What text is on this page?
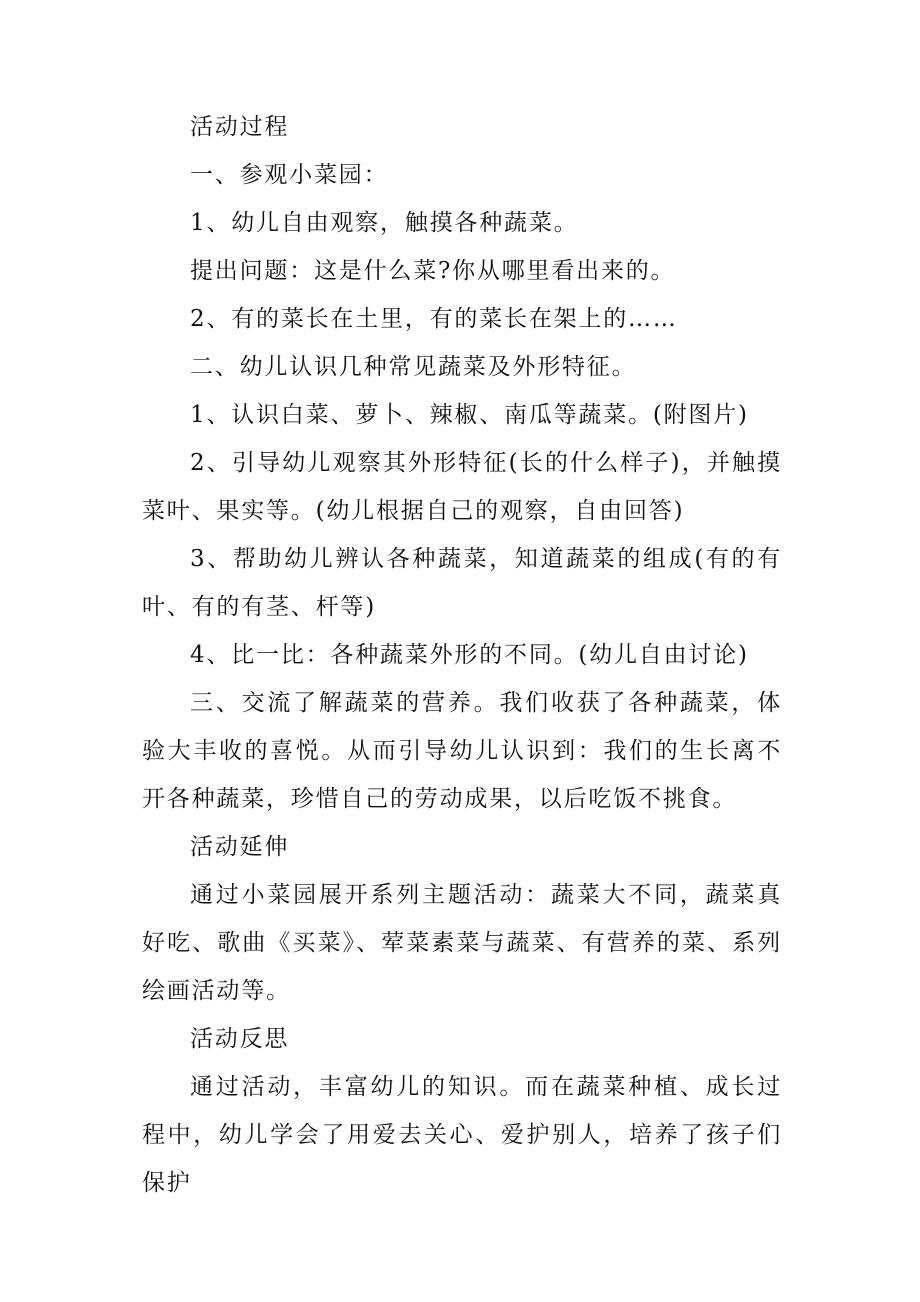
活动过程

一、参观小菜园：

1、幼儿自由观察，触摸各种蔬菜。

提出问题：这是什么菜?你从哪里看出来的。

2、有的菜长在土里，有的菜长在架上的……

二、幼儿认识几种常见蔬菜及外形特征。

1、认识白菜、萝卜、辣椒、南瓜等蔬菜。(附图片)

2、引导幼儿观察其外形特征(长的什么样子)，并触摸菜叶、果实等。(幼儿根据自己的观察，自由回答)

3、帮助幼儿辨认各种蔬菜，知道蔬菜的组成(有的有叶、有的有茎、杆等)

4、比一比：各种蔬菜外形的不同。(幼儿自由讨论)

三、交流了解蔬菜的营养。我们收获了各种蔬菜，体验大丰收的喜悦。从而引导幼儿认识到：我们的生长离不开各种蔬菜，珍惜自己的劳动成果，以后吃饭不挑食。

活动延伸

通过小菜园展开系列主题活动：蔬菜大不同，蔬菜真好吃、歌曲《买菜》、荤菜素菜与蔬菜、有营养的菜、系列绘画活动等。

活动反思

通过活动，丰富幼儿的知识。而在蔬菜种植、成长过程中，幼儿学会了用爱去关心、爱护别人，培养了孩子们保护
